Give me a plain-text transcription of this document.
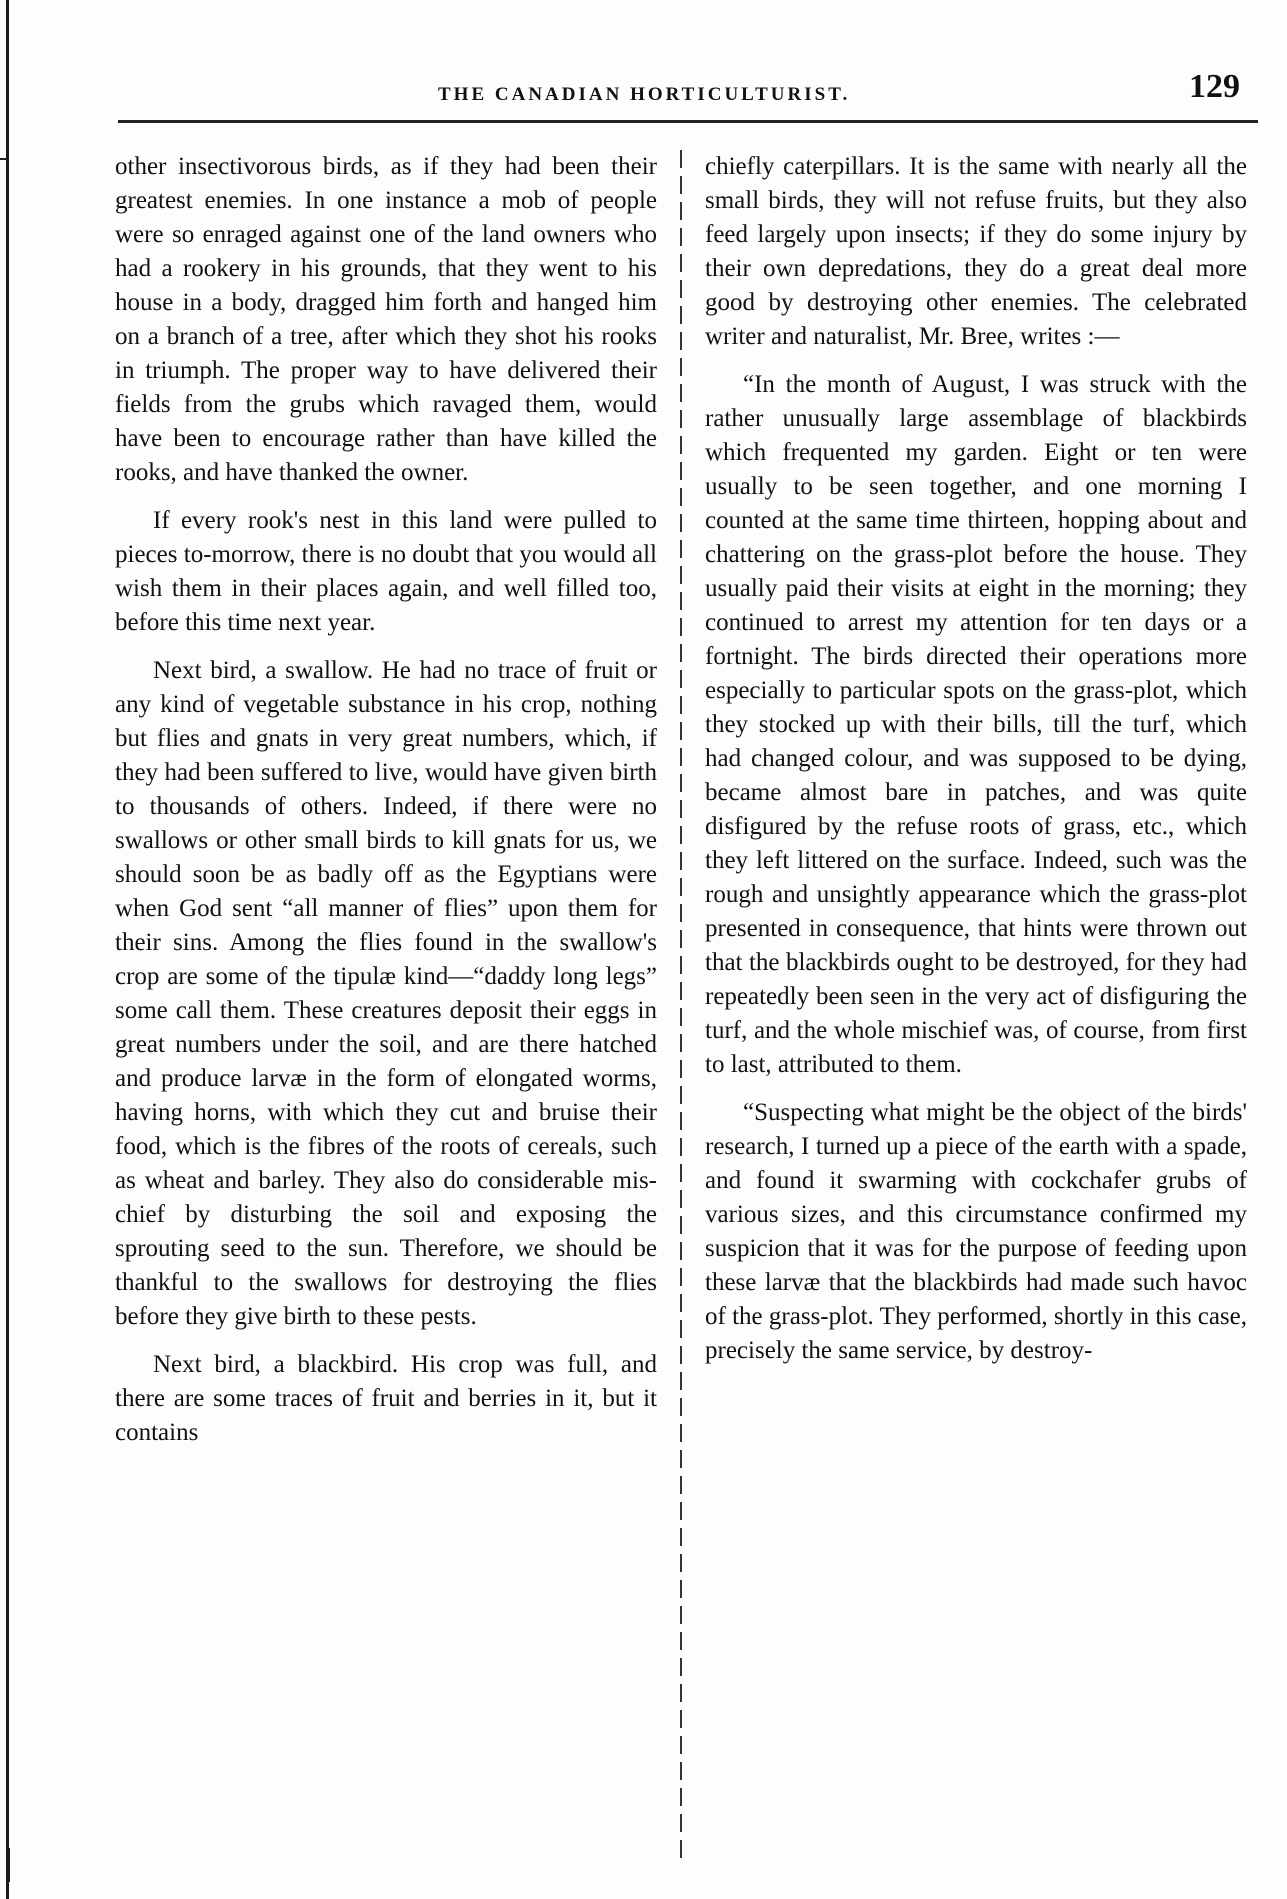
THE CANADIAN HORTICULTURIST.	129

other insectivorous birds, as if they had been their greatest enemies. In one instance a mob of people were so enraged against one of the land owners who had a rookery in his grounds, that they went to his house in a body, dragged him forth and hanged him on a branch of a tree, after which they shot his rooks in triumph. The proper way to have delivered their fields from the grubs which ravaged them, would have been to encourage rather than have killed the rooks, and have thanked the owner.

If every rook's nest in this land were pulled to pieces to-morrow, there is no doubt that you would all wish them in their places again, and well filled too, before this time next year.

Next bird, a swallow. He had no trace of fruit or any kind of vegetable substance in his crop, nothing but flies and gnats in very great numbers, which, if they had been suffered to live, would have given birth to thousands of others. Indeed, if there were no swallows or other small birds to kill gnats for us, we should soon be as badly off as the Egyptians were when God sent “all manner of flies” upon them for their sins. Among the flies found in the swallow's crop are some of the tipulæ kind—“daddy long legs” some call them. These creatures deposit their eggs in great numbers under the soil, and are there hatched and produce larvæ in the form of elongated worms, having horns, with which they cut and bruise their food, which is the fibres of the roots of cereals, such as wheat and barley. They also do considerable mischief by disturbing the soil and exposing the sprouting seed to the sun. Therefore, we should be thankful to the swallows for destroying the flies before they give birth to these pests.

Next bird, a blackbird. His crop was full, and there are some traces of fruit and berries in it, but it contains

chiefly caterpillars. It is the same with nearly all the small birds, they will not refuse fruits, but they also feed largely upon insects; if they do some injury by their own depredations, they do a great deal more good by destroying other enemies. The celebrated writer and naturalist, Mr. Bree, writes :—

“In the month of August, I was struck with the rather unusually large assemblage of blackbirds which frequented my garden. Eight or ten were usually to be seen together, and one morning I counted at the same time thirteen, hopping about and chattering on the grass-plot before the house. They usually paid their visits at eight in the morning; they continued to arrest my attention for ten days or a fortnight. The birds directed their operations more especially to particular spots on the grass-plot, which they stocked up with their bills, till the turf, which had changed colour, and was supposed to be dying, became almost bare in patches, and was quite disfigured by the refuse roots of grass, etc., which they left littered on the surface. Indeed, such was the rough and unsightly appearance which the grass-plot presented in consequence, that hints were thrown out that the blackbirds ought to be destroyed, for they had repeatedly been seen in the very act of disfiguring the turf, and the whole mischief was, of course, from first to last, attributed to them.

“Suspecting what might be the object of the birds' research, I turned up a piece of the earth with a spade, and found it swarming with cockchafer grubs of various sizes, and this circumstance confirmed my suspicion that it was for the purpose of feeding upon these larvæ that the blackbirds had made such havoc of the grass-plot. They performed, shortly in this case, precisely the same service, by destroy-
